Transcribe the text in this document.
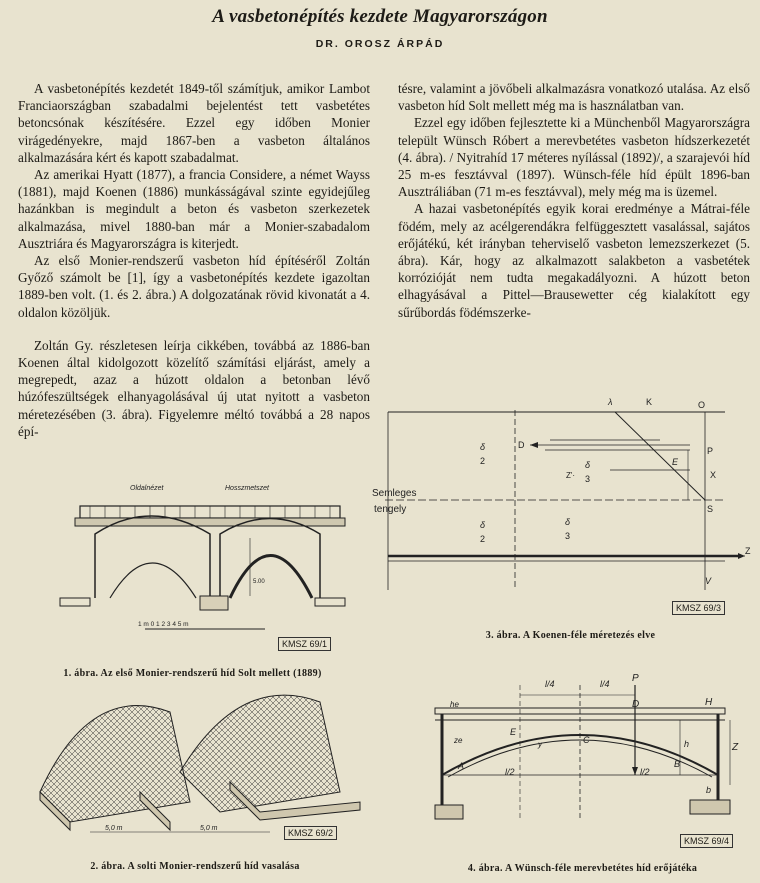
A vasbetonépítés kezdete Magyarországon
DR. OROSZ ÁRPÁD

A vasbetonépítés kezdetét 1849-től számítjuk, amikor Lambot Franciaországban szabadalmi bejelentést tett vasbetétes betoncsónak készítésére. Ezzel egy időben Monier virágedényekre, majd 1867-ben a vasbeton általános alkalmazására kért és kapott szabadalmat.

Az amerikai Hyatt (1877), a francia Considere, a német Wayss (1881), majd Koenen (1886) munkásságával szinte egyidejűleg hazánkban is megindult a beton és vasbeton szerkezetek alkalmazása, mivel 1880-ban már a Monier-szabadalom Ausztriára és Magyarországra is kiterjedt.

Az első Monier-rendszerű vasbeton híd építéséről Zoltán Győző számolt be [1], így a vasbetonépítés kezdete igazoltan 1889-ben volt. (1. és 2. ábra.) A dolgozatának rövid kivonatát a 4. oldalon közöljük.

Zoltán Gy. részletesen leírja cikkében, továbbá az 1886-ban Koenen által kidolgozott közelítő számítási eljárást, amely a megrepedt, azaz a húzott oldalon a betonban lévő húzófeszültségek elhanyagolásával új utat nyitott a vasbeton méretezésében (3. ábra). Figyelemre méltó továbbá a 28 napos épí-

tésre, valamint a jövőbeli alkalmazásra vonatkozó utalása. Az első vasbeton híd Solt mellett még ma is használatban van.

Ezzel egy időben fejlesztette ki a Münchenből Magyarországra települt Wünsch Róbert a merevbetétes vasbeton hídszerkezetét (4. ábra). / Nyitrahíd 17 méteres nyílással (1892)/, a szarajevói híd 25 m-es fesztávval (1897). Wünsch-féle híd épült 1896-ban Ausztráliában (71 m-es fesztávval), mely még ma is üzemel.

A hazai vasbetonépítés egyik korai eredménye a Mátrai-féle födém, mely az acélgerendákra felfüggesztett vasalással, sajátos erőjátékú, két irányban teherviselő vasbeton lemezszerkezet (5. ábra). Kár, hogy az alkalmazott salakbeton a vasbetétek korrózióját nem tudta megakadályozni. A húzott beton elhagyásával a Pittel—Brausewetter cég kialakított egy sűrűbordás födémszerke-

Oldalnézet	Hosszmetszet
5.00
1 m 0 1 2 3 4 5 m
KMSZ 69/1
1. ábra. Az első Monier-rendszerű híd Solt mellett (1889)
5,0 m	5,0 m	KMSZ 69/2
2. ábra. A solti Monier-rendszerű híd vasalása
λ	K	O
D
E
P
X
S
Z'·
δ
3
δ
2
δ
2
δ
3
Z
V
Semleges
tengely
KMSZ 69/3
3. ábra. A Koenen-féle méretezés elve
l/4	l/4 P
D	H
he
ze
E
y	C	h	Z
A
l/2	l/2
B
b
KMSZ 69/4
4. ábra. A Wünsch-féle merevbetétes híd erőjátéka
